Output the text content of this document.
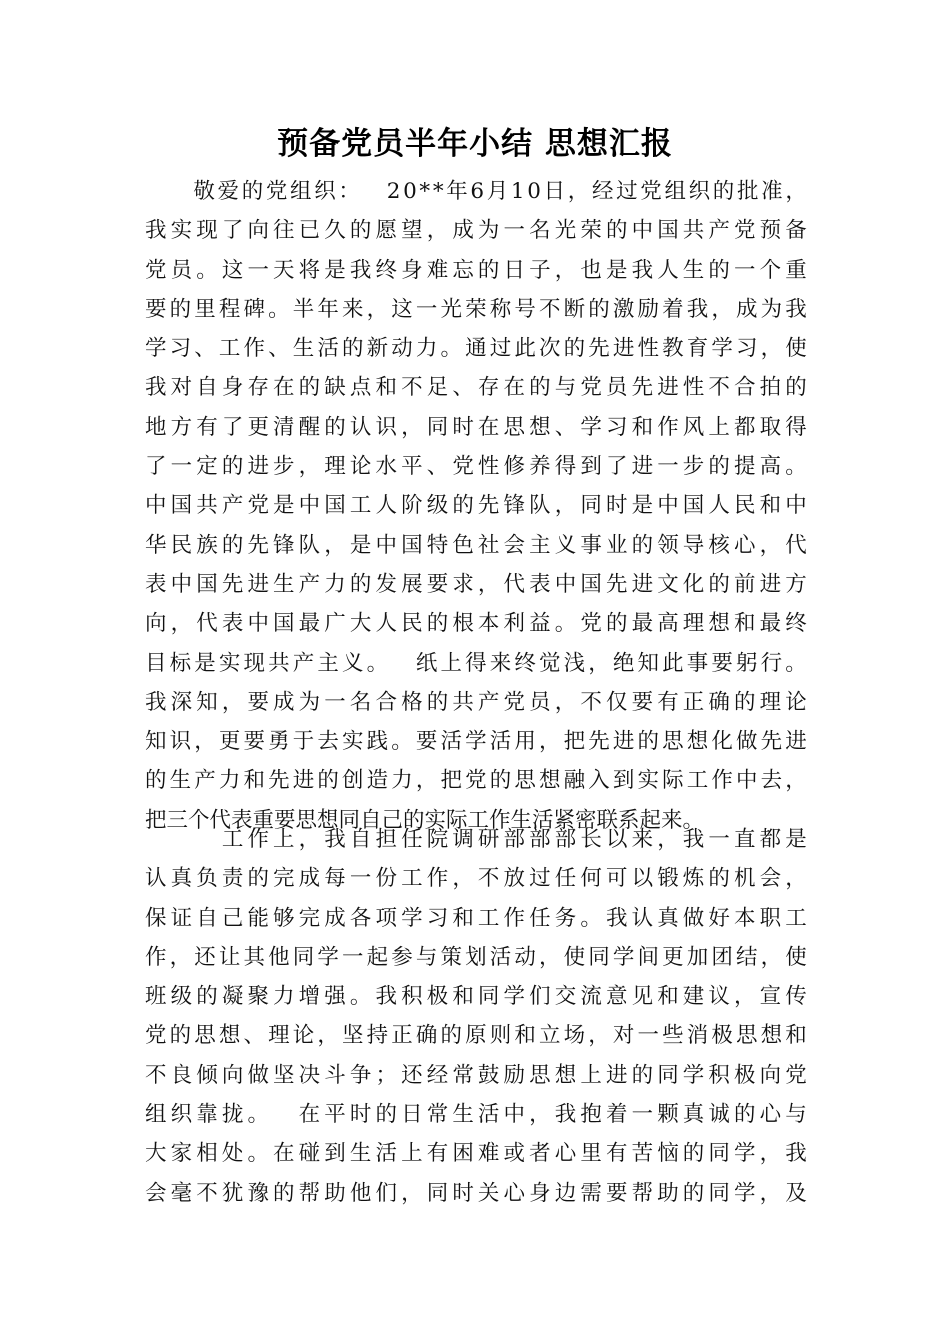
预备党员半年小结 思想汇报

敬 爱 的 党 组 织 ：
　 2 0 * * 年 6 月 1 0 日 ， 经 过 党 组 织 的 批 准 ，
我 实 现 了 向 往 已 久 的 愿 望 ， 成 为 一 名 光 荣 的 中 国 共 产 党 预 备
党 员 。 这 一 天 将 是 我 终 身 难 忘 的 日 子 ， 也 是 我 人 生 的 一 个 重
要 的 里 程 碑 。 半 年 来 ， 这 一 光 荣 称 号 不 断 的 激 励 着 我 ， 成 为 我
学 习 、 工 作 、 生 活 的 新 动 力 。 通 过 此 次 的 先 进 性 教 育 学 习 ， 使
我 对 自 身 存 在 的 缺 点 和 不 足 、 存 在 的 与 党 员 先 进 性 不 合 拍 的
地 方 有 了 更 清 醒 的 认 识 ， 同 时 在 思 想 、 学 习 和 作 风 上 都 取 得
了 一 定 的 进 步 ， 理 论 水 平 、 党 性 修 养 得 到 了 进 一 步 的 提 高 。
中 国 共 产 党 是 中 国 工 人 阶 级 的 先 锋 队 ， 同 时 是 中 国 人 民 和 中
华 民 族 的 先 锋 队 ， 是 中 国 特 色 社 会 主 义 事 业 的 领 导 核 心 ， 代
表 中 国 先 进 生 产 力 的 发 展 要 求 ， 代 表 中 国 先 进 文 化 的 前 进 方
向 ， 代 表 中 国 最 广 大 人 民 的 根 本 利 益 。 党 的 最 高 理 想 和 最 终
目 标 是 实 现 共 产 主 义 。
　 纸 上 得 来 终 觉 浅 ， 绝 知 此 事 要 躬 行 。
我 深 知 ， 要 成 为 一 名 合 格 的 共 产 党 员 ， 不 仅 要 有 正 确 的 理 论
知 识 ， 更 要 勇 于 去 实 践 。 要 活 学 活 用 ， 把 先 进 的 思 想 化 做 先 进
的 生 产 力 和 先 进 的 创 造 力 ， 把 党 的 思 想 融 入 到 实 际 工 作 中 去 ，
把三个代表重要思想同自己的实际工作生活紧密联系起来。

工 作 上 ， 我 自 担 任 院 调 研 部 部 部 长 以 来 ， 我 一 直 都 是
认 真 负 责 的 完 成 每 一 份 工 作 ， 不 放 过 任 何 可 以 锻 炼 的 机 会 ，
保 证 自 己 能 够 完 成 各 项 学 习 和 工 作 任 务 。 我 认 真 做 好 本 职 工
作 ， 还 让 其 他 同 学 一 起 参 与 策 划 活 动 ， 使 同 学 间 更 加 团 结 ， 使
班 级 的 凝 聚 力 增 强 。 我 积 极 和 同 学 们 交 流 意 见 和 建 议 ， 宣 传
党 的 思 想 、 理 论 ， 坚 持 正 确 的 原 则 和 立 场 ， 对 一 些 消 极 思 想 和
不 良 倾 向 做 坚 决 斗 争 ； 还 经 常 鼓 励 思 想 上 进 的 同 学 积 极 向 党
组 织 靠 拢 。
　 在 平 时 的 日 常 生 活 中 ， 我 抱 着 一 颗 真 诚 的 心 与
大 家 相 处 。 在 碰 到 生 活 上 有 困 难 或 者 心 里 有 苦 恼 的 同 学 ， 我
会 毫 不 犹 豫 的 帮 助 他 们 ， 同 时 关 心 身 边 需 要 帮 助 的 同 学 ， 及
